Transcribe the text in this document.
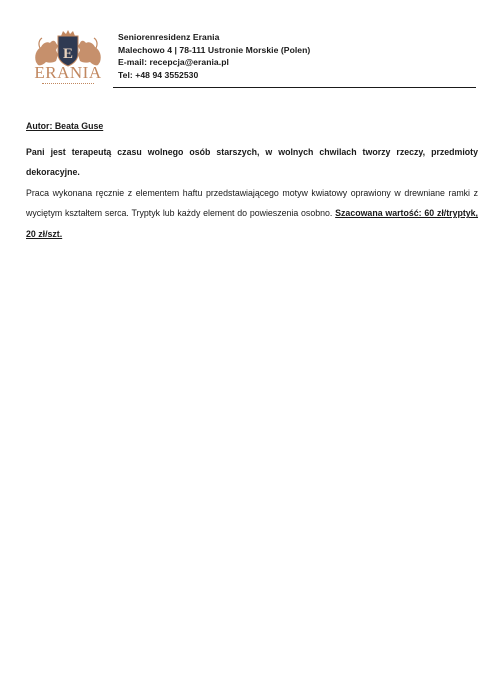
E
ERANIA
Seniorenresidenz Erania
Malechowo 4 | 78-111 Ustronie Morskie (Polen)
E-mail: recepcja@erania.pl
Tel: +48 94 3552530
Autor: Beata Guse

Pani jest terapeutą czasu wolnego osób starszych, w wolnych chwilach tworzy rzeczy, przedmioty dekoracyjne.

Praca wykonana ręcznie z elementem haftu przedstawiającego motyw kwiatowy oprawiony w drewniane ramki z wyciętym kształtem serca. Tryptyk lub każdy element do powieszenia osobno. Szacowana wartość: 60 zł/tryptyk, 20 zł/szt.
